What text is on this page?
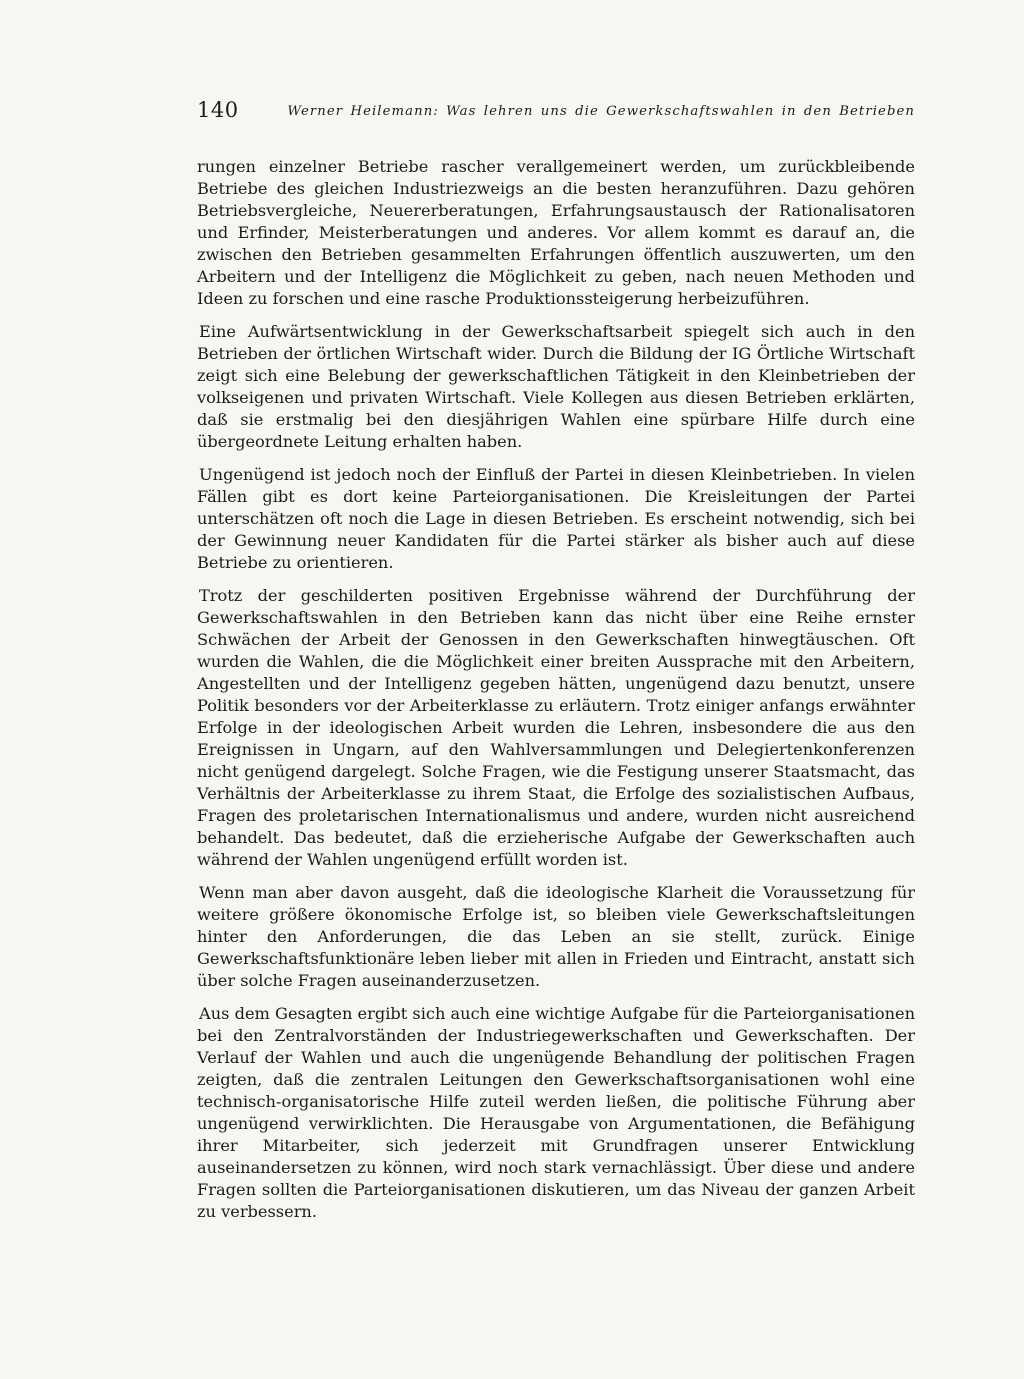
140	Werner Heilemann: Was lehren uns die Gewerkschaftswahlen in den Betrieben

rungen einzelner Betriebe rascher verallgemeinert werden, um zurückbleibende Betriebe des gleichen Industriezweigs an die besten heranzuführen. Dazu gehören Betriebsvergleiche, Neuererberatungen, Erfahrungsaustausch der Rationalisatoren und Erfinder, Meisterberatungen und anderes. Vor allem kommt es darauf an, die zwischen den Betrieben gesammelten Erfahrungen öffentlich auszuwerten, um den Arbeitern und der Intelligenz die Möglichkeit zu geben, nach neuen Methoden und Ideen zu forschen und eine rasche Produktionssteigerung herbeizuführen.

Eine Aufwärtsentwicklung in der Gewerkschaftsarbeit spiegelt sich auch in den Betrieben der örtlichen Wirtschaft wider. Durch die Bildung der IG Örtliche Wirtschaft zeigt sich eine Belebung der gewerkschaftlichen Tätigkeit in den Kleinbetrieben der volkseigenen und privaten Wirtschaft. Viele Kollegen aus diesen Betrieben erklärten, daß sie erstmalig bei den diesjährigen Wahlen eine spürbare Hilfe durch eine übergeordnete Leitung erhalten haben.

Ungenügend ist jedoch noch der Einfluß der Partei in diesen Kleinbetrieben. In vielen Fällen gibt es dort keine Parteiorganisationen. Die Kreisleitungen der Partei unterschätzen oft noch die Lage in diesen Betrieben. Es erscheint notwendig, sich bei der Gewinnung neuer Kandidaten für die Partei stärker als bisher auch auf diese Betriebe zu orientieren.

Trotz der geschilderten positiven Ergebnisse während der Durchführung der Gewerkschaftswahlen in den Betrieben kann das nicht über eine Reihe ernster Schwächen der Arbeit der Genossen in den Gewerkschaften hinwegtäuschen. Oft wurden die Wahlen, die die Möglichkeit einer breiten Aussprache mit den Arbeitern, Angestellten und der Intelligenz gegeben hätten, ungenügend dazu benutzt, unsere Politik besonders vor der Arbeiterklasse zu erläutern. Trotz einiger anfangs erwähnter Erfolge in der ideologischen Arbeit wurden die Lehren, insbesondere die aus den Ereignissen in Ungarn, auf den Wahlversammlungen und Delegiertenkonferenzen nicht genügend dargelegt. Solche Fragen, wie die Festigung unserer Staatsmacht, das Verhältnis der Arbeiterklasse zu ihrem Staat, die Erfolge des sozialistischen Aufbaus, Fragen des proletarischen Internationalismus und andere, wurden nicht ausreichend behandelt. Das bedeutet, daß die erzieherische Aufgabe der Gewerkschaften auch während der Wahlen ungenügend erfüllt worden ist.

Wenn man aber davon ausgeht, daß die ideologische Klarheit die Voraussetzung für weitere größere ökonomische Erfolge ist, so bleiben viele Gewerkschaftsleitungen hinter den Anforderungen, die das Leben an sie stellt, zurück. Einige Gewerkschaftsfunktionäre leben lieber mit allen in Frieden und Eintracht, anstatt sich über solche Fragen auseinanderzusetzen.

Aus dem Gesagten ergibt sich auch eine wichtige Aufgabe für die Parteiorganisationen bei den Zentralvorständen der Industriegewerkschaften und Gewerkschaften. Der Verlauf der Wahlen und auch die ungenügende Behandlung der politischen Fragen zeigten, daß die zentralen Leitungen den Gewerkschaftsorganisationen wohl eine technisch-organisatorische Hilfe zuteil werden ließen, die politische Führung aber ungenügend verwirklichten. Die Herausgabe von Argumentationen, die Befähigung ihrer Mitarbeiter, sich jederzeit mit Grundfragen unserer Entwicklung auseinandersetzen zu können, wird noch stark vernachlässigt. Über diese und andere Fragen sollten die Parteiorganisationen diskutieren, um das Niveau der ganzen Arbeit zu verbessern.
